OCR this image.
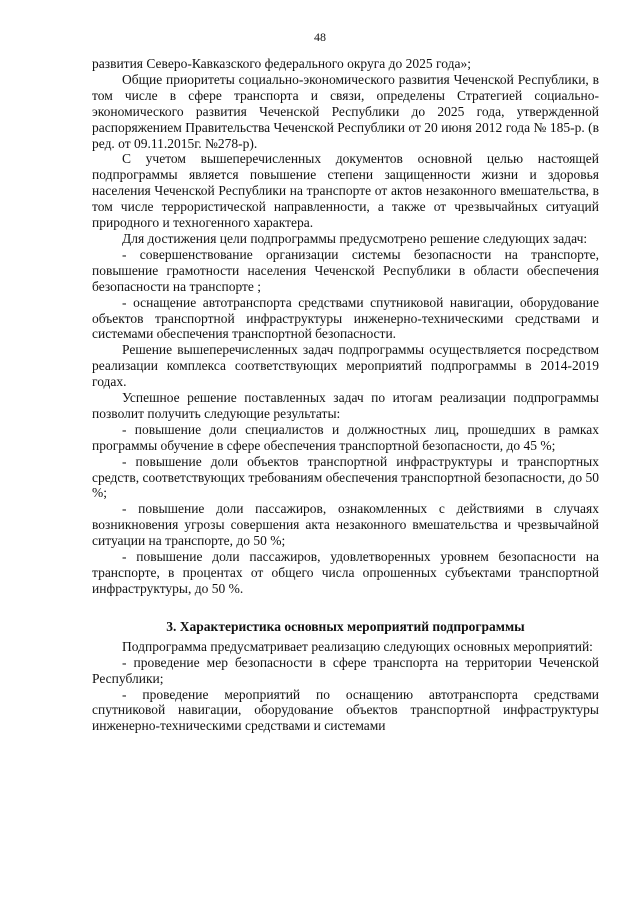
48

развития Северо-Кавказского федерального округа до 2025 года»;

Общие приоритеты социально-экономического развития Чеченской Республики, в том числе в сфере транспорта и связи, определены Стратегией социально-экономического развития Чеченской Республики до 2025 года, утвержденной распоряжением Правительства Чеченской Республики от 20 июня 2012 года № 185-р. (в ред. от 09.11.2015г. №278-р).

С учетом вышеперечисленных документов основной целью настоящей подпрограммы является повышение степени защищенности жизни и здоровья населения Чеченской Республики на транспорте от актов незаконного вмешательства, в том числе террористической направленности, а также от чрезвычайных ситуаций природного и техногенного характера.

Для достижения цели подпрограммы предусмотрено решение следующих задач:

- совершенствование организации системы безопасности на транспорте, повышение грамотности населения Чеченской Республики в области обеспечения безопасности на транспорте ;

- оснащение автотранспорта средствами спутниковой навигации, оборудование объектов транспортной инфраструктуры инженерно-техническими средствами и системами обеспечения транспортной безопасности.

Решение вышеперечисленных задач подпрограммы осуществляется посредством реализации комплекса соответствующих мероприятий подпрограммы в 2014-2019 годах.

Успешное решение поставленных задач по итогам реализации подпрограммы позволит получить следующие результаты:

- повышение доли специалистов и должностных лиц, прошедших в рамках программы обучение в сфере обеспечения транспортной безопасности, до 45 %;

- повышение доли объектов транспортной инфраструктуры и транспортных средств, соответствующих требованиям обеспечения транспортной безопасности, до 50 %;

- повышение доли пассажиров, ознакомленных с действиями в случаях возникновения угрозы совершения акта незаконного вмешательства и чрезвычайной ситуации на транспорте, до 50 %;

- повышение доли пассажиров, удовлетворенных уровнем безопасности на транспорте, в процентах от общего числа опрошенных субъектами транспортной инфраструктуры, до 50 %.

3. Характеристика основных мероприятий подпрограммы

Подпрограмма предусматривает реализацию следующих основных мероприятий:

- проведение мер безопасности в сфере транспорта на территории Чеченской Республики;

- проведение мероприятий по оснащению автотранспорта средствами спутниковой навигации, оборудование объектов транспортной инфраструктуры инженерно-техническими средствами и системами
